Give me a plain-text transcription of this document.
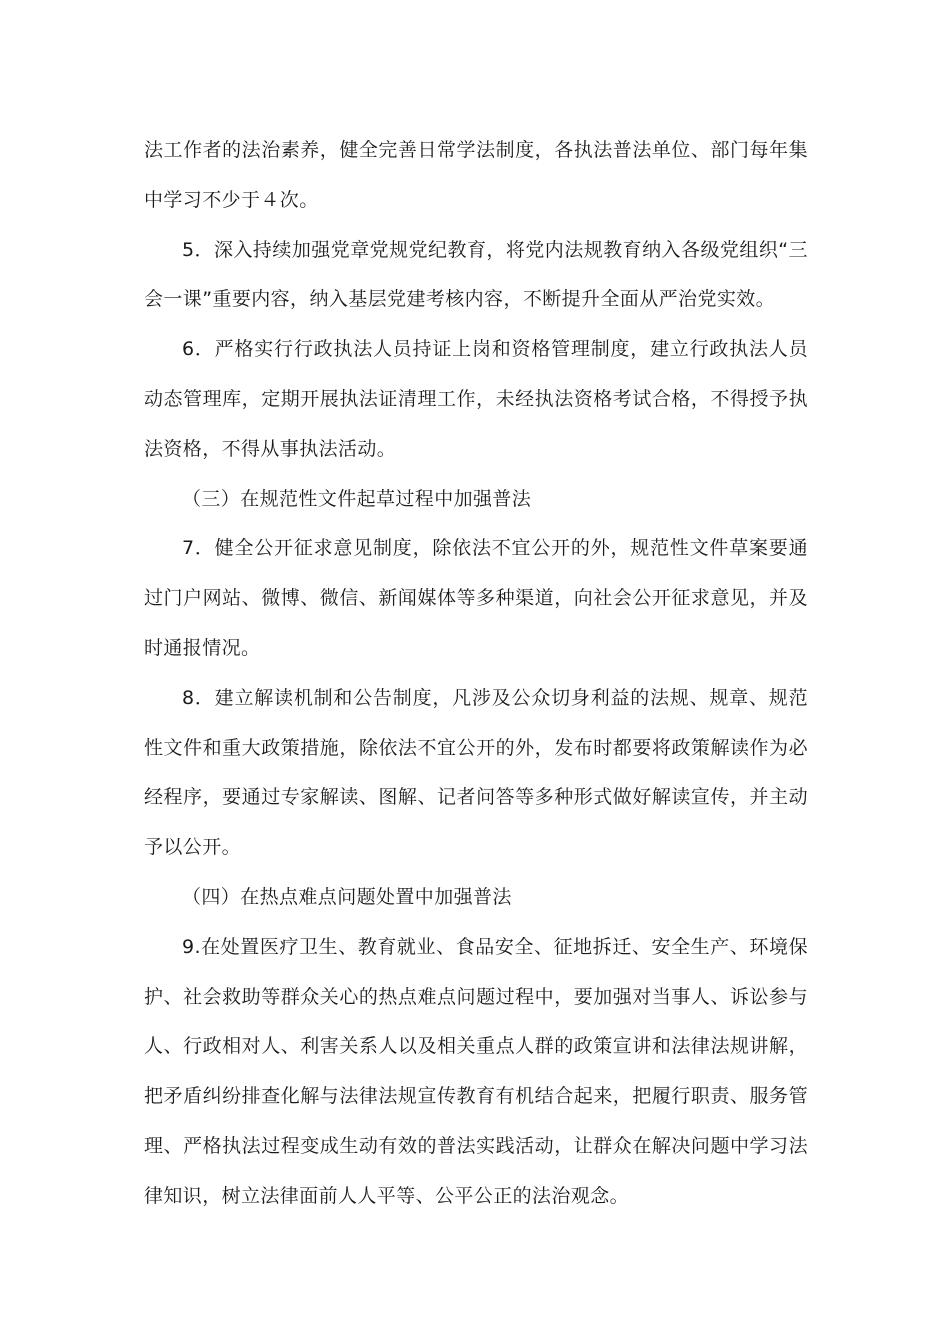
法工作者的法治素养，健全完善日常学法制度，各执法普法单位、部门每年集中学习不少于４次。

5．深入持续加强党章党规党纪教育，将党内法规教育纳入各级党组织“三会一课”重要内容，纳入基层党建考核内容，不断提升全面从严治党实效。

6．严格实行行政执法人员持证上岗和资格管理制度，建立行政执法人员动态管理库，定期开展执法证清理工作，未经执法资格考试合格，不得授予执法资格，不得从事执法活动。

（三）在规范性文件起草过程中加强普法

7．健全公开征求意见制度，除依法不宜公开的外，规范性文件草案要通过门户网站、微博、微信、新闻媒体等多种渠道，向社会公开征求意见，并及时通报情况。

8．建立解读机制和公告制度，凡涉及公众切身利益的法规、规章、规范性文件和重大政策措施，除依法不宜公开的外，发布时都要将政策解读作为必经程序，要通过专家解读、图解、记者问答等多种形式做好解读宣传，并主动予以公开。

（四）在热点难点问题处置中加强普法

9.在处置医疗卫生、教育就业、食品安全、征地拆迁、安全生产、环境保护、社会救助等群众关心的热点难点问题过程中，要加强对当事人、诉讼参与人、行政相对人、利害关系人以及相关重点人群的政策宣讲和法律法规讲解，把矛盾纠纷排查化解与法律法规宣传教育有机结合起来，把履行职责、服务管理、严格执法过程变成生动有效的普法实践活动，让群众在解决问题中学习法律知识，树立法律面前人人平等、公平公正的法治观念。
